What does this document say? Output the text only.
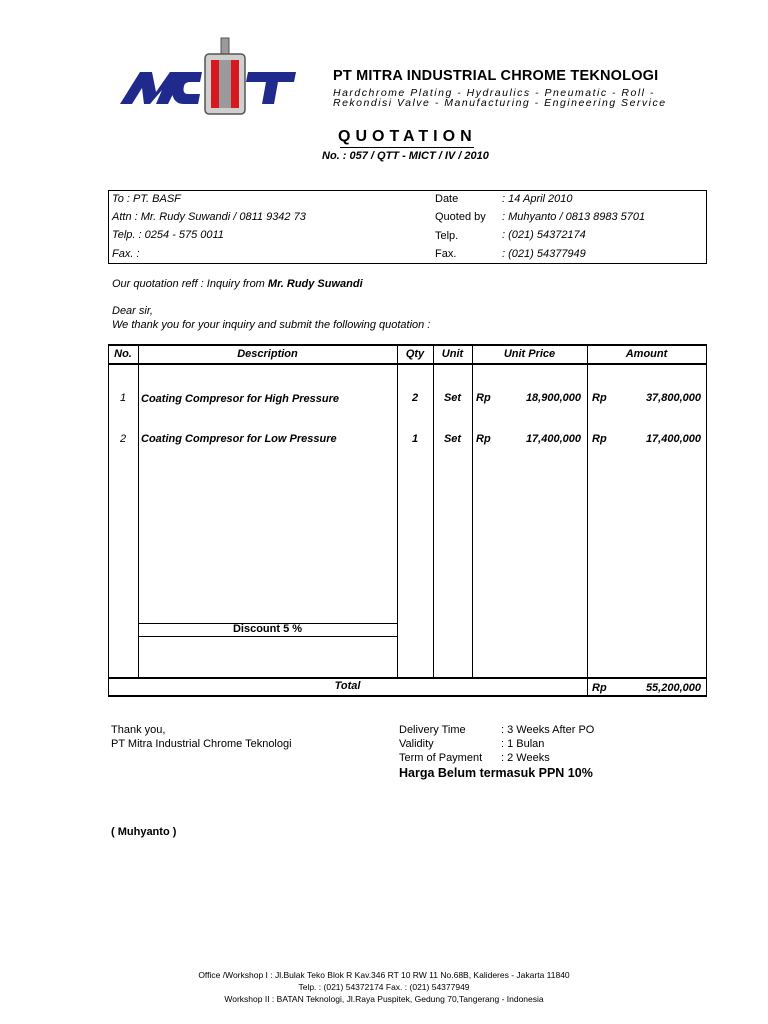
PT MITRA INDUSTRIAL CHROME TEKNOLOGI
Hardchrome Plating - Hydraulics - Pneumatic - Roll -
Rekondisi Valve - Manufacturing - Engineering Service
QUOTATION
No. : 057 / QTT - MICT / IV / 2010
To : PT. BASF
Attn : Mr. Rudy Suwandi / 0811 9342 73
Telp. : 0254 - 575 0011
Fax. :
Date	: 14 April 2010
Quoted by : Muhyanto / 0813 8983 5701
Telp.	: (021) 54372174
Fax.	: (021) 54377949
Our quotation reff : Inquiry from Mr. Rudy Suwandi
Dear sir,
We thank you for your inquiry and submit the following quotation :
No.	Description	Qty	Unit	Unit Price	Amount
1	Coating Compresor for High Pressure	2	Set	Rp	18,900,000 Rp	37,800,000
2	Coating Compresor for Low Pressure	1	Set	Rp	17,400,000 Rp	17,400,000
Discount 5 %
Total	Rp	55,200,000
Thank you,
PT Mitra Industrial Chrome Teknologi
Delivery Time	: 3 Weeks After PO
Validity	: 1 Bulan
Term of Payment : 2 Weeks
Harga Belum termasuk PPN 10%
( Muhyanto )
Office /Workshop I : Jl.Bulak Teko Blok R Kav.346 RT 10 RW 11 No.68B, Kalideres - Jakarta 11840
Telp. : (021) 54372174 Fax. : (021) 54377949
Workshop II : BATAN Teknologi, Jl.Raya Puspitek, Gedung 70,Tangerang - Indonesia
